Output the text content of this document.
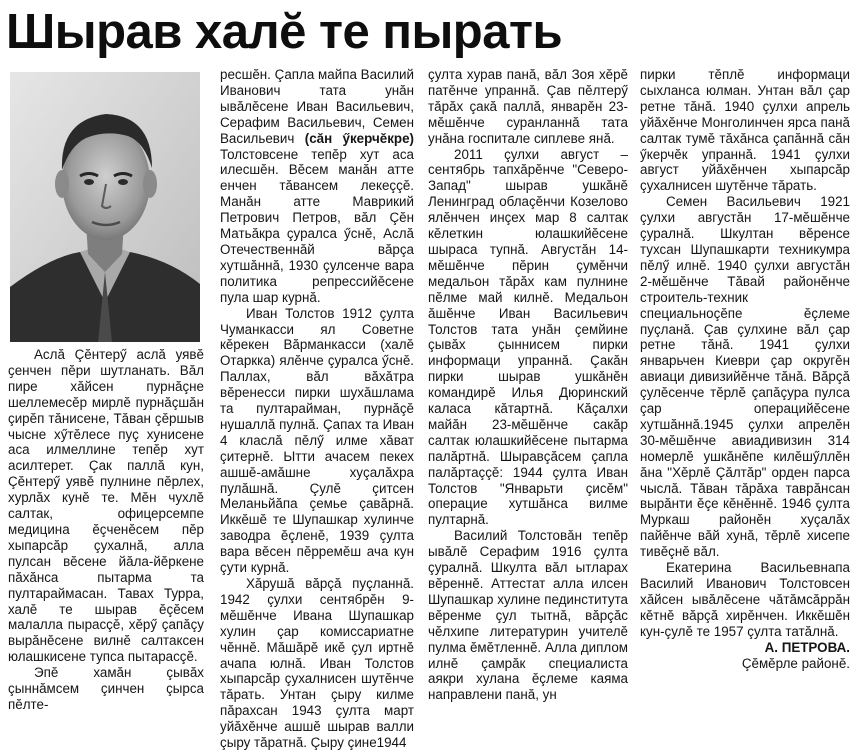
Шырав халĕ те пырать

Аслă Çĕнтерӳ аслă уявĕ ҫенчен пĕри шутланать. Вăл пире хăйсен пурнăçне шеллемесĕр мирлĕ пурнăçшăн çирĕп тăнисене, Тăван çĕршыв чысне хӳтĕлесе пуç хунисене аса илмеллине тепĕр хут асилтерет. Çак паллă кун, Çĕнтерӳ уявĕ пулнине пĕрлех, хурлăх кунĕ те. Мĕн чухлĕ салтак, офицерсемпе медицина ĕçченĕсем пĕр хыпарсăр çухалнă, алла пулсан вĕсене йăла-йĕркене пăхăнса пытарма та пултараймасан. Тавах Турра, халĕ те шырав ĕçĕсем малалла пырасçĕ, хĕрӳ çапăçу вырăнĕсене вилнĕ салтаксен юлашкисене тупса пытарасçĕ.

Эпĕ хамăн çывăх çыннăмсем çинчен çырса пĕлте-

ресшĕн. Çапла майпа Василий Иванович тата унăн ывăлĕсене Иван Васильевич, Серафим Васильевич, Семен Васильевич (сăн ӳкерчĕкре) Толстовсене тепĕр хут аса илесшĕн. Вĕсем манăн атте енчен тăвансем лекеççĕ. Манăн атте Маврикий Петрович Петров, вăл Çĕн Матьăкра çуралса ӳснĕ, Аслă Отечественнăй вăрçа хутшăннă, 1930 çулсенче вара политика репрессийĕсене пула шар курнă.

Иван Толстов 1912 çулта Чуманкасси ял Советне кĕрекен Вăрманкасси (халĕ Отаркка) ялĕнче çуралса ӳснĕ. Паллах, вăл вăхăтра вĕренесси пирки шухăшлама та пултарайман, пурнăçĕ нушаллă пулнă. Çапах та Иван 4 класлă пĕлӳ илме хăват çитернĕ. Ытти ачасем пекех ашшĕ-амăшне хуçалăхра пулăшнă. Çулĕ çитсен Меланьйăпа çемье çавăрнă. Иккĕшĕ те Шупашкар хулинче заводра ĕçленĕ, 1939 çулта вара вĕсен пĕрремĕш ача кун çути курнă.

Хăрушă вăрçă пуçланнă. 1942 çулхи сентябрĕн 9-мĕшĕнче Ивана Шупашкар хулин çар комиссариатне чĕннĕ. Мăшăрĕ икĕ çул иртнĕ ачапа юлнă. Иван Толстов хыпарсăр çухалнисен шутĕнче тăрать. Унтан çыру килме пăрахсан 1943 çулта март уйăхĕнче ашшĕ шырав валли çыру тăратнă. Çыру çине1944

çулта хурав панă, вăл Зоя хĕрĕ патĕнче упраннă. Çав пĕлтерӳ тăрăх çакă паллă, январĕн 23-мĕшĕнче суранланнă тата унăна госпитале сиплеве янă.

2011 çулхи август – сентябрь тапхăрĕнче "Северо-Запад" шырав ушкăнĕ Ленинград облаçĕнчи Козелово ялĕнчен инçех мар 8 салтак кĕлеткин юлашкийĕсене шыраса тупнă. Августăн 14-мĕшĕнче пĕрин çумĕнчи медальон тăрăх кам пулнине пĕлме май килнĕ. Медальон ăшĕнче Иван Васильевич Толстов тата унăн çемйине çывăх çыннисем пирки информаци упраннă. Çакăн пирки шырав ушкăнĕн командирĕ Илья Дюринский каласа кăтартнă. Кăçалхи майăн 23-мĕшĕнче сакăр салтак юлашкийĕсене пытарма палăртнă. Шыравçăсем çапла палăртаççĕ: 1944 çулта Иван Толстов "Январьти çисĕм" операцие хутшăнса вилме пултарнă.

Василий Толстовăн тепĕр ывăлĕ Серафим 1916 çулта çуралнă. Шкулта вăл ытларах вĕреннĕ. Аттестат алла илсен Шупашкар хулине пединститута вĕренме çул тытнă, вăрçăс чĕлхипе литературин учителĕ пулма ĕмĕтленнĕ. Алла диплом илнĕ çамрăк специалиста аякри хулана ĕçлеме каяма направлени панă, ун

пирки тĕплĕ информаци сыхланса юлман. Унтан вăл çар ретне тăнă. 1940 çулхи апрель уйăхĕнче Монголинчен ярса панă салтак тумĕ тăхăнса çапăннă сăн ӳкерчĕк упраннă. 1941 çулхи август уйăхĕнчен хыпарсăр çухалнисен шутĕнче тăрать.

Семен Васильевич 1921 çулхи августăн 17-мĕшĕнче çуралнă. Шкултан вĕренсе тухсан Шупашкарти техникумра пĕлӳ илнĕ. 1940 çулхи августăн 2-мĕшĕнче Тăвай районĕнче строитель-техник специальноçĕпе ĕçлеме пуçланă. Çав çулхине вăл çар ретне тăнă. 1941 çулхи январьчен Киеври çар округĕн авиаци дивизийĕнче тăнă. Вăрçă çулĕсенче тĕрлĕ çапăçура пулса çар операцийĕсене хутшăннă.1945 çулхи апрелĕн 30-мĕшĕнче авиадивизин 314 номерлĕ ушкăнĕпе килĕшӳллĕн ăна "Хĕрлĕ Çăлтăр" орден парса чыслă. Тăван тăрăха таврăнсан вырăнти ĕçе кĕнĕннĕ. 1946 çулта Муркаш районĕн хуçалăх пайĕнче вăй хунă, тĕрлĕ хисепе тивĕçнĕ вăл.

Екатерина Васильевнапа Василий Иванович Толстовсен хăйсен ывăлĕсене чăтăмсăррăн кĕтнĕ вăрçă хирĕнчен. Иккĕшĕн кун-çулĕ те 1957 çулта татăлнă.

А. ПЕТРОВА.

Çĕмĕрле районĕ.
